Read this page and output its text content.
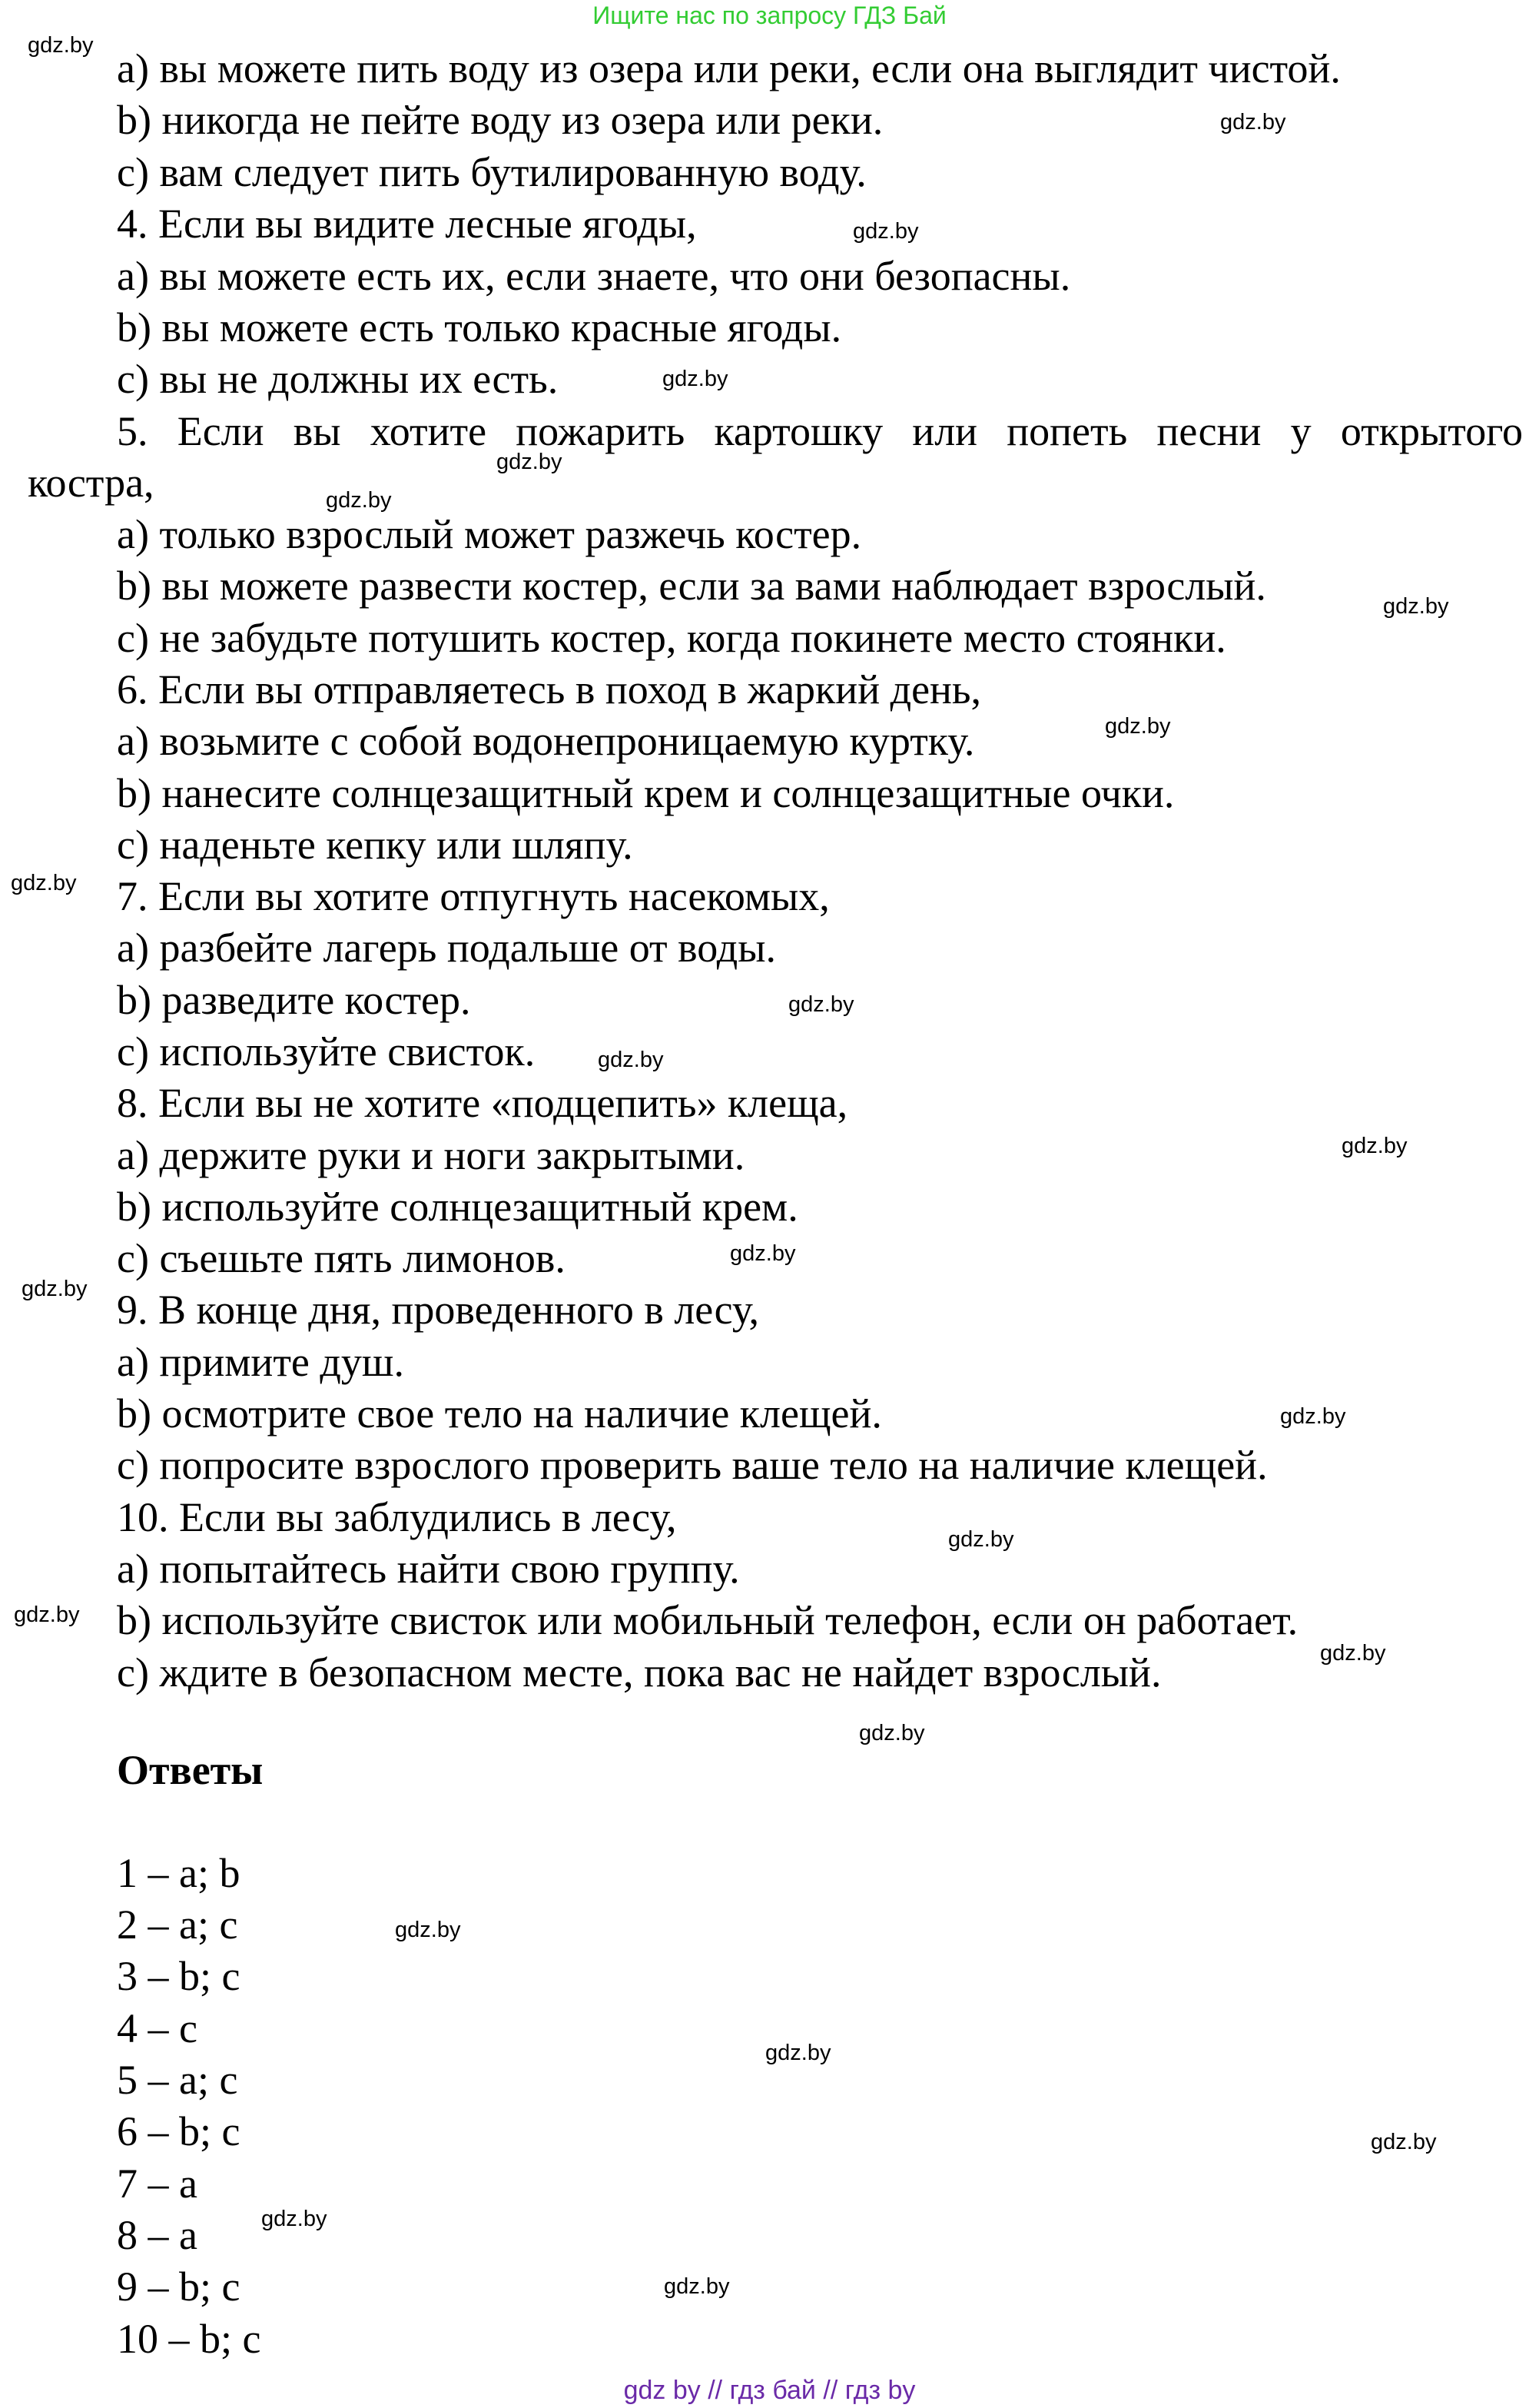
Ищите нас по запросу ГДЗ Бай
a) вы можете пить воду из озера или реки, если она выглядит чистой.
b) никогда не пейте воду из озера или реки.
c) вам следует пить бутилированную воду.
4. Если вы видите лесные ягоды,
a) вы можете есть их, если знаете, что они безопасны.
b) вы можете есть только красные ягоды.
c) вы не должны их есть.
5. Если вы хотите пожарить картошку или попеть песни у открытого
костра,
a) только взрослый может разжечь костер.
b) вы можете развести костер, если за вами наблюдает взрослый.
c) не забудьте потушить костер, когда покинете место стоянки.
6. Если вы отправляетесь в поход в жаркий день,
a) возьмите с собой водонепроницаемую куртку.
b) нанесите солнцезащитный крем и солнцезащитные очки.
c) наденьте кепку или шляпу.
7. Если вы хотите отпугнуть насекомых,
a) разбейте лагерь подальше от воды.
b) разведите костер.
c) используйте свисток.
8. Если вы не хотите «подцепить» клеща,
a) держите руки и ноги закрытыми.
b) используйте солнцезащитный крем.
c) съешьте пять лимонов.
9. В конце дня, проведенного в лесу,
a) примите душ.
b) осмотрите свое тело на наличие клещей.
c) попросите взрослого проверить ваше тело на наличие клещей.
10. Если вы заблудились в лесу,
a) попытайтесь найти свою группу.
b) используйте свисток или мобильный телефон, если он работает.
c) ждите в безопасном месте, пока вас не найдет взрослый.
Ответы
1 – a; b
2 – a; c
3 – b; c
4 – c
5 – a; c
6 – b; c
7 – a
8 – a
9 – b; c
10 – b; c
gdz.by
gdz.by
gdz.by
gdz.by
gdz.by
gdz.by
gdz.by
gdz.by
gdz.by
gdz.by
gdz.by
gdz.by
gdz.by
gdz.by
gdz.by
gdz.by
gdz.by
gdz.by
gdz.by
gdz.by
gdz.by
gdz.by
gdz.by
gdz.by
gdz by // гдз бай // гдз by
